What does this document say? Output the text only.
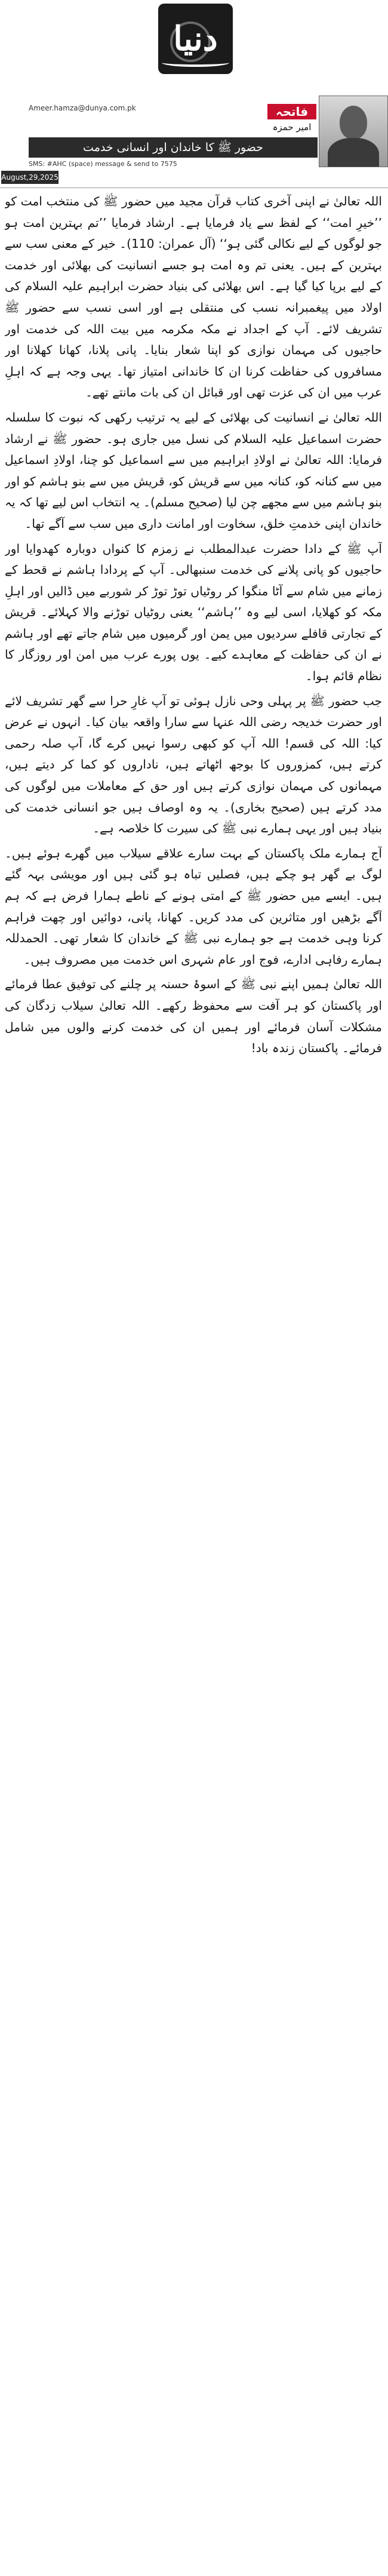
دنیا
فاتحہ
امیر حمزہ
Ameer.hamza@dunya.com.pk
حضور ﷺ کا خاندان اور انسانی خدمت
SMS: #AHC (space) message & send to 7575
August,29,2025

اللہ تعالیٰ نے اپنی آخری کتاب قرآن مجید میں حضور ﷺ کی منتخب امت کو ’’خیرِ امت‘‘ کے لفظ سے یاد فرمایا ہے۔ ارشاد فرمایا ’’تم بہترین امت ہو جو لوگوں کے لیے نکالی گئی ہو‘‘ (آل عمران: 110)۔ خیر کے معنی سب سے بہترین کے ہیں۔ یعنی تم وہ امت ہو جسے انسانیت کی بھلائی اور خدمت کے لیے برپا کیا گیا ہے۔ اس بھلائی کی بنیاد حضرت ابراہیم علیہ السلام کی اولاد میں پیغمبرانہ نسب کی منتقلی ہے اور اسی نسب سے حضور ﷺ تشریف لائے۔ آپ کے اجداد نے مکہ مکرمہ میں بیت اللہ کی خدمت اور حاجیوں کی مہمان نوازی کو اپنا شعار بنایا۔ پانی پلانا، کھانا کھلانا اور مسافروں کی حفاظت کرنا ان کا خاندانی امتیاز تھا۔ یہی وجہ ہے کہ اہلِ عرب میں ان کی عزت تھی اور قبائل ان کی بات مانتے تھے۔

اللہ تعالیٰ نے انسانیت کی بھلائی کے لیے یہ ترتیب رکھی کہ نبوت کا سلسلہ حضرت اسماعیل علیہ السلام کی نسل میں جاری ہو۔ حضور ﷺ نے ارشاد فرمایا: اللہ تعالیٰ نے اولادِ ابراہیم میں سے اسماعیل کو چنا، اولادِ اسماعیل میں سے کنانہ کو، کنانہ میں سے قریش کو، قریش میں سے بنو ہاشم کو اور بنو ہاشم میں سے مجھے چن لیا (صحیح مسلم)۔ یہ انتخاب اس لیے تھا کہ یہ خاندان اپنی خدمتِ خلق، سخاوت اور امانت داری میں سب سے آگے تھا۔

آپ ﷺ کے دادا حضرت عبدالمطلب نے زمزم کا کنواں دوبارہ کھدوایا اور حاجیوں کو پانی پلانے کی خدمت سنبھالی۔ آپ کے پردادا ہاشم نے قحط کے زمانے میں شام سے آٹا منگوا کر روٹیاں توڑ توڑ کر شوربے میں ڈالیں اور اہلِ مکہ کو کھلایا، اسی لیے وہ ’’ہاشم‘‘ یعنی روٹیاں توڑنے والا کہلائے۔ قریش کے تجارتی قافلے سردیوں میں یمن اور گرمیوں میں شام جاتے تھے اور ہاشم نے ان کی حفاظت کے معاہدے کیے۔ یوں پورے عرب میں امن اور روزگار کا نظام قائم ہوا۔

جب حضور ﷺ پر پہلی وحی نازل ہوئی تو آپ غارِ حرا سے گھر تشریف لائے اور حضرت خدیجہ رضی اللہ عنہا سے سارا واقعہ بیان کیا۔ انہوں نے عرض کیا: اللہ کی قسم! اللہ آپ کو کبھی رسوا نہیں کرے گا، آپ صلہ رحمی کرتے ہیں، کمزوروں کا بوجھ اٹھاتے ہیں، ناداروں کو کما کر دیتے ہیں، مہمانوں کی مہمان نوازی کرتے ہیں اور حق کے معاملات میں لوگوں کی مدد کرتے ہیں (صحیح بخاری)۔ یہ وہ اوصاف ہیں جو انسانی خدمت کی بنیاد ہیں اور یہی ہمارے نبی ﷺ کی سیرت کا خلاصہ ہے۔

آج ہمارے ملک پاکستان کے بہت سارے علاقے سیلاب میں گھرے ہوئے ہیں۔ لوگ بے گھر ہو چکے ہیں، فصلیں تباہ ہو گئی ہیں اور مویشی بہہ گئے ہیں۔ ایسے میں حضور ﷺ کے امتی ہونے کے ناطے ہمارا فرض ہے کہ ہم آگے بڑھیں اور متاثرین کی مدد کریں۔ کھانا، پانی، دوائیں اور چھت فراہم کرنا وہی خدمت ہے جو ہمارے نبی ﷺ کے خاندان کا شعار تھی۔ الحمدللہ ہمارے رفاہی ادارے، فوج اور عام شہری اس خدمت میں مصروف ہیں۔

اللہ تعالیٰ ہمیں اپنے نبی ﷺ کے اسوۂ حسنہ پر چلنے کی توفیق عطا فرمائے اور پاکستان کو ہر آفت سے محفوظ رکھے۔ اللہ تعالیٰ سیلاب زدگان کی مشکلات آسان فرمائے اور ہمیں ان کی خدمت کرنے والوں میں شامل فرمائے۔ پاکستان زندہ باد!
